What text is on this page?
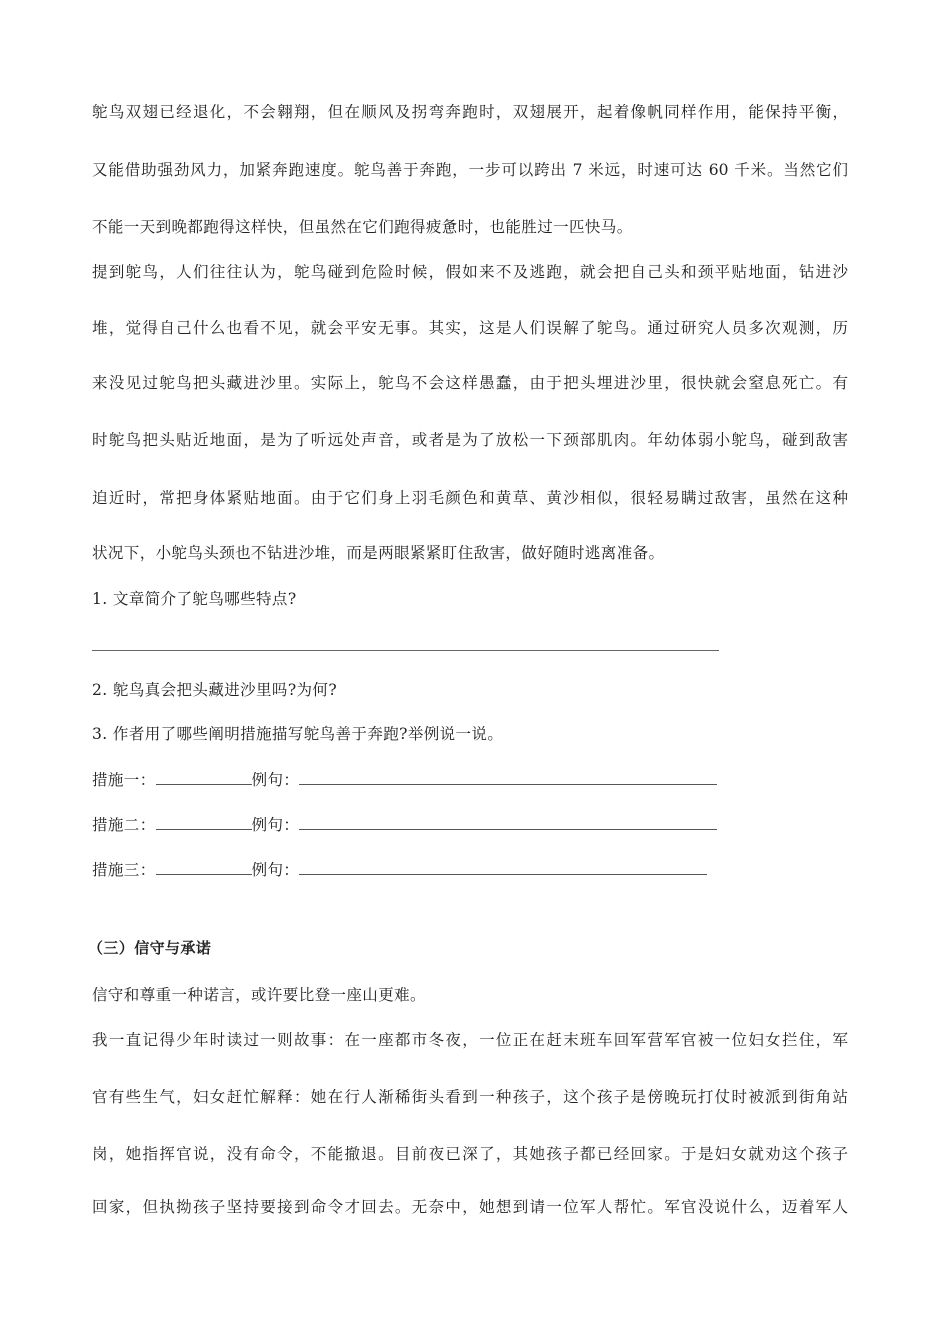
鸵鸟双翅已经退化，不会翱翔，但在顺风及拐弯奔跑时，双翅展开，起着像帆同样作用，能保持平衡，
又能借助强劲风力，加紧奔跑速度。鸵鸟善于奔跑，一步可以跨出 7 米远，时速可达 60 千米。当然它们
不能一天到晚都跑得这样快，但虽然在它们跑得疲惫时，也能胜过一匹快马。
提到鸵鸟，人们往往认为，鸵鸟碰到危险时候，假如来不及逃跑，就会把自己头和颈平贴地面，钻进沙
堆，觉得自己什么也看不见，就会平安无事。其实，这是人们误解了鸵鸟。通过研究人员多次观测，历
来没见过鸵鸟把头藏进沙里。实际上，鸵鸟不会这样愚蠢，由于把头埋进沙里，很快就会窒息死亡。有
时鸵鸟把头贴近地面，是为了听远处声音，或者是为了放松一下颈部肌肉。年幼体弱小鸵鸟，碰到敌害
迫近时，常把身体紧贴地面。由于它们身上羽毛颜色和黄草、黄沙相似，很轻易瞒过敌害，虽然在这种
状况下，小鸵鸟头颈也不钻进沙堆，而是两眼紧紧盯住敌害，做好随时逃离准备。
1. 文章简介了鸵鸟哪些特点?
2. 鸵鸟真会把头藏进沙里吗?为何?
3. 作者用了哪些阐明措施描写鸵鸟善于奔跑?举例说一说。
措施一：	例句：
措施二：	例句：
措施三：	例句：
（三）信守与承诺
信守和尊重一种诺言，或许要比登一座山更难。
我一直记得少年时读过一则故事：在一座都市冬夜，一位正在赶末班车回军营军官被一位妇女拦住，军
官有些生气，妇女赶忙解释：她在行人渐稀街头看到一种孩子，这个孩子是傍晚玩打仗时被派到街角站
岗，她指挥官说，没有命令，不能撤退。目前夜已深了，其她孩子都已经回家。于是妇女就劝这个孩子
回家，但执拗孩子坚持要接到命令才回去。无奈中，她想到请一位军人帮忙。军官没说什么，迈着军人
